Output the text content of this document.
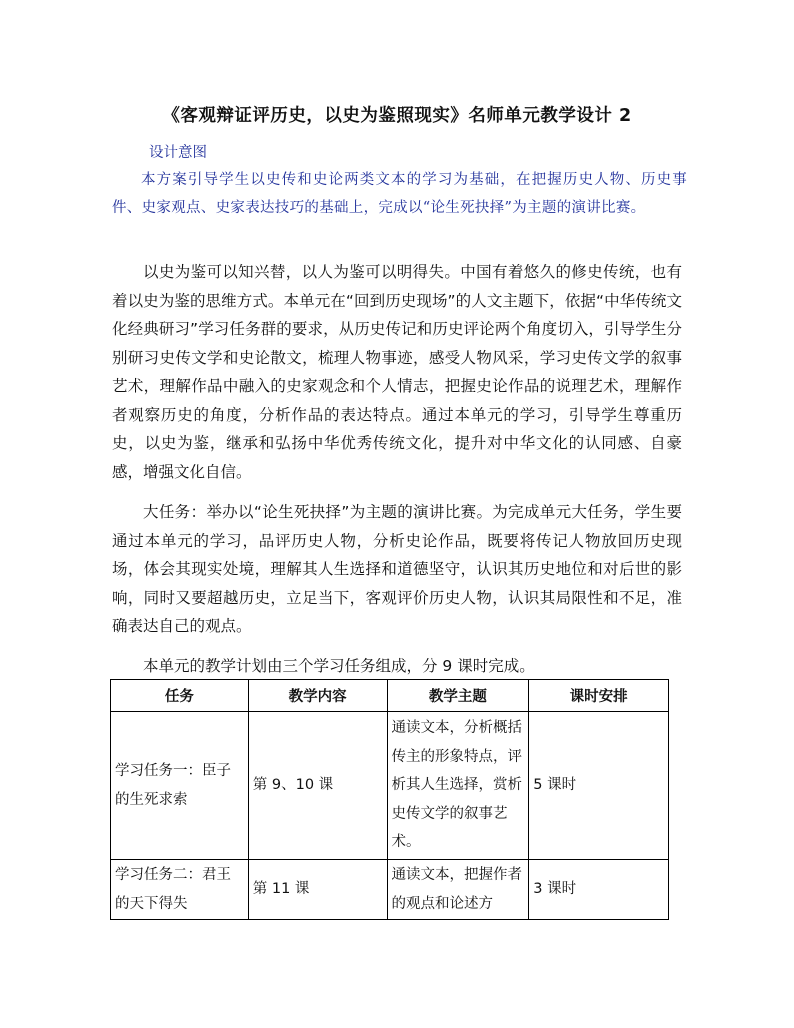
《客观辩证评历史，以史为鉴照现实》名师单元教学设计 2
设计意图
本方案引导学生以史传和史论两类文本的学习为基础，在把握历史人物、历史事件、史家观点、史家表达技巧的基础上，完成以“论生死抉择”为主题的演讲比赛。
以史为鉴可以知兴替，以人为鉴可以明得失。中国有着悠久的修史传统，也有着以史为鉴的思维方式。本单元在“回到历史现场”的人文主题下，依据“中华传统文化经典研习”学习任务群的要求，从历史传记和历史评论两个角度切入，引导学生分别研习史传文学和史论散文，梳理人物事迹，感受人物风采，学习史传文学的叙事艺术，理解作品中融入的史家观念和个人情志，把握史论作品的说理艺术，理解作者观察历史的角度，分析作品的表达特点。通过本单元的学习，引导学生尊重历史，以史为鉴，继承和弘扬中华优秀传统文化，提升对中华文化的认同感、自豪感，增强文化自信。
大任务：举办以“论生死抉择”为主题的演讲比赛。为完成单元大任务，学生要通过本单元的学习，品评历史人物，分析史论作品，既要将传记人物放回历史现场，体会其现实处境，理解其人生选择和道德坚守，认识其历史地位和对后世的影响，同时又要超越历史，立足当下，客观评价历史人物，认识其局限性和不足，准确表达自己的观点。
本单元的教学计划由三个学习任务组成，分 9 课时完成。
任务	教学内容	教学主题	课时安排
学习任务一：臣子的生死求索	第 9、10 课	通读文本，分析概括传主的形象特点，评析其人生选择，赏析史传文学的叙事艺术。	5 课时
学习任务二：君王的天下得失	第 11 课	通读文本，把握作者的观点和论述方	3 课时
